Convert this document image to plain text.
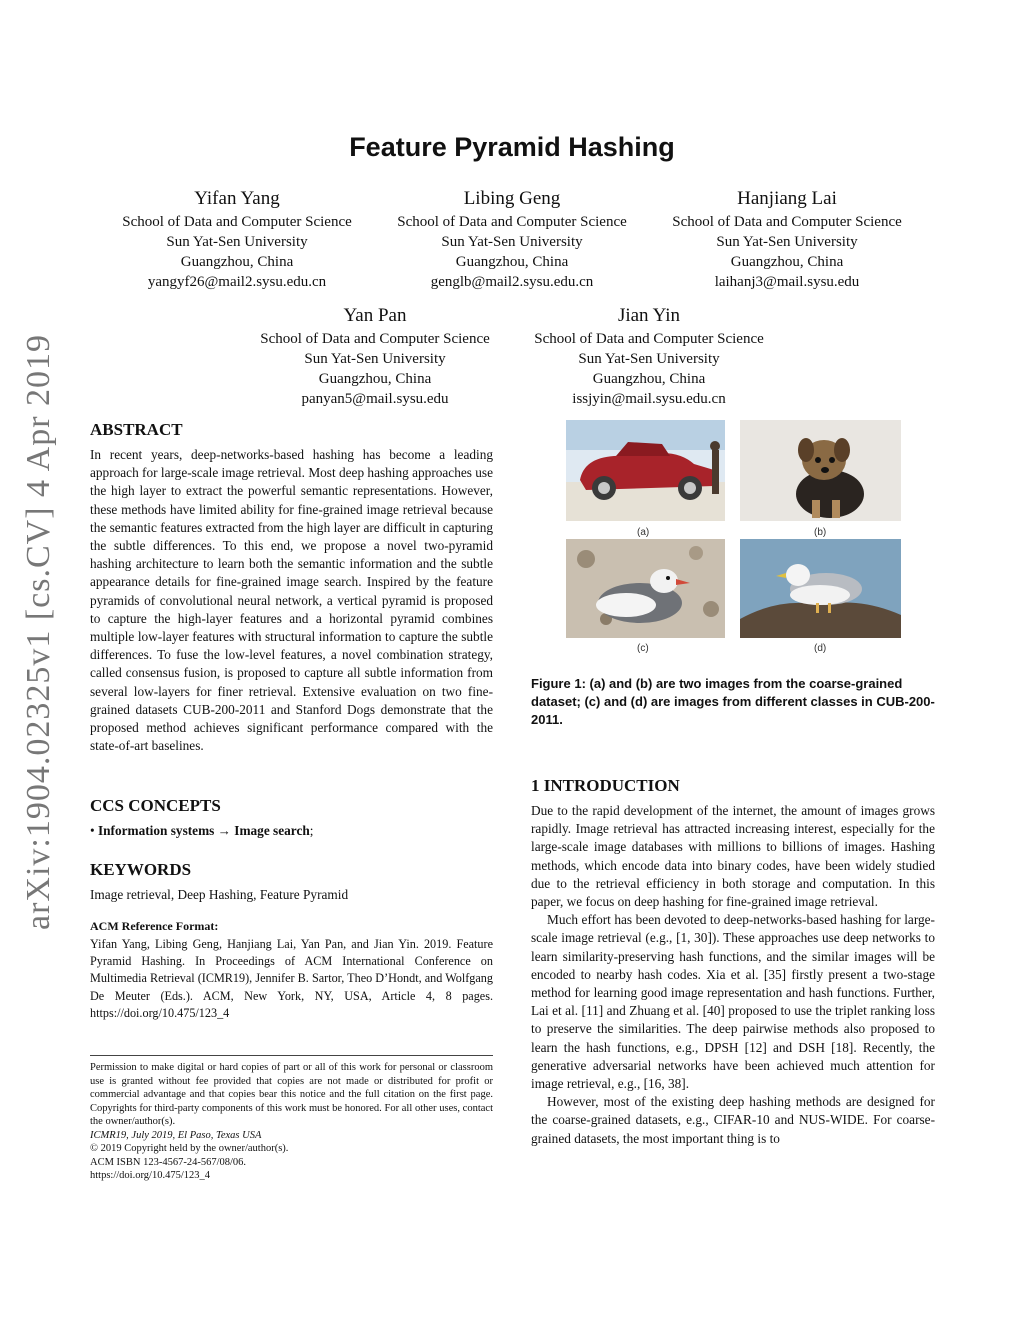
arXiv:1904.02325v1 [cs.CV] 4 Apr 2019
Feature Pyramid Hashing
Yifan Yang
School of Data and Computer Science
Sun Yat-Sen University
Guangzhou, China
yangyf26@mail2.sysu.edu.cn
Libing Geng
School of Data and Computer Science
Sun Yat-Sen University
Guangzhou, China
genglb@mail2.sysu.edu.cn
Hanjiang Lai
School of Data and Computer Science
Sun Yat-Sen University
Guangzhou, China
laihanj3@mail.sysu.edu
Yan Pan
School of Data and Computer Science
Sun Yat-Sen University
Guangzhou, China
panyan5@mail.sysu.edu
Jian Yin
School of Data and Computer Science
Sun Yat-Sen University
Guangzhou, China
issjyin@mail.sysu.edu.cn
ABSTRACT

In recent years, deep-networks-based hashing has become a leading approach for large-scale image retrieval. Most deep hashing approaches use the high layer to extract the powerful semantic representations. However, these methods have limited ability for fine-grained image retrieval because the semantic features extracted from the high layer are difficult in capturing the subtle differences. To this end, we propose a novel two-pyramid hashing architecture to learn both the semantic information and the subtle appearance details for fine-grained image search. Inspired by the feature pyramids of convolutional neural network, a vertical pyramid is proposed to capture the high-layer features and a horizontal pyramid combines multiple low-layer features with structural information to capture the subtle differences. To fuse the low-level features, a novel combination strategy, called consensus fusion, is proposed to capture all subtle information from several low-layers for finer retrieval. Extensive evaluation on two fine-grained datasets CUB-200-2011 and Stanford Dogs demonstrate that the proposed method achieves significant performance compared with the state-of-art baselines.

CCS CONCEPTS

• Information systems → Image search;

KEYWORDS

Image retrieval, Deep Hashing, Feature Pyramid

ACM Reference Format:

Yifan Yang, Libing Geng, Hanjiang Lai, Yan Pan, and Jian Yin. 2019. Feature Pyramid Hashing. In Proceedings of ACM International Conference on Multimedia Retrieval (ICMR19), Jennifer B. Sartor, Theo D’Hondt, and Wolfgang De Meuter (Eds.). ACM, New York, NY, USA, Article 4, 8 pages. https://doi.org/10.475/123_4

Permission to make digital or hard copies of part or all of this work for personal or classroom use is granted without fee provided that copies are not made or distributed for profit or commercial advantage and that copies bear this notice and the full citation on the first page. Copyrights for third-party components of this work must be honored. For all other uses, contact the owner/author(s).
ICMR19, July 2019, El Paso, Texas USA
© 2019 Copyright held by the owner/author(s).
ACM ISBN 123-4567-24-567/08/06.
https://doi.org/10.475/123_4
(a)	(b)
(c)	(d)
Figure 1: (a) and (b) are two images from the coarse-grained dataset; (c) and (d) are images from different classes in CUB-200-2011.
1 INTRODUCTION

Due to the rapid development of the internet, the amount of images grows rapidly. Image retrieval has attracted increasing interest, especially for the large-scale image databases with millions to billions of images. Hashing methods, which encode data into binary codes, have been widely studied due to the retrieval efficiency in both storage and computation. In this paper, we focus on deep hashing for fine-grained image retrieval.

Much effort has been devoted to deep-networks-based hashing for large-scale image retrieval (e.g., [1, 30]). These approaches use deep networks to learn similarity-preserving hash functions, and the similar images will be encoded to nearby hash codes. Xia et al. [35] firstly present a two-stage method for learning good image representation and hash functions. Further, Lai et al. [11] and Zhuang et al. [40] proposed to use the triplet ranking loss to preserve the similarities. The deep pairwise methods also proposed to learn the hash functions, e.g., DPSH [12] and DSH [18]. Recently, the generative adversarial networks have been achieved much attention for image retrieval, e.g., [16, 38].

However, most of the existing deep hashing methods are designed for the coarse-grained datasets, e.g., CIFAR-10 and NUS-WIDE. For coarse-grained datasets, the most important thing is to
